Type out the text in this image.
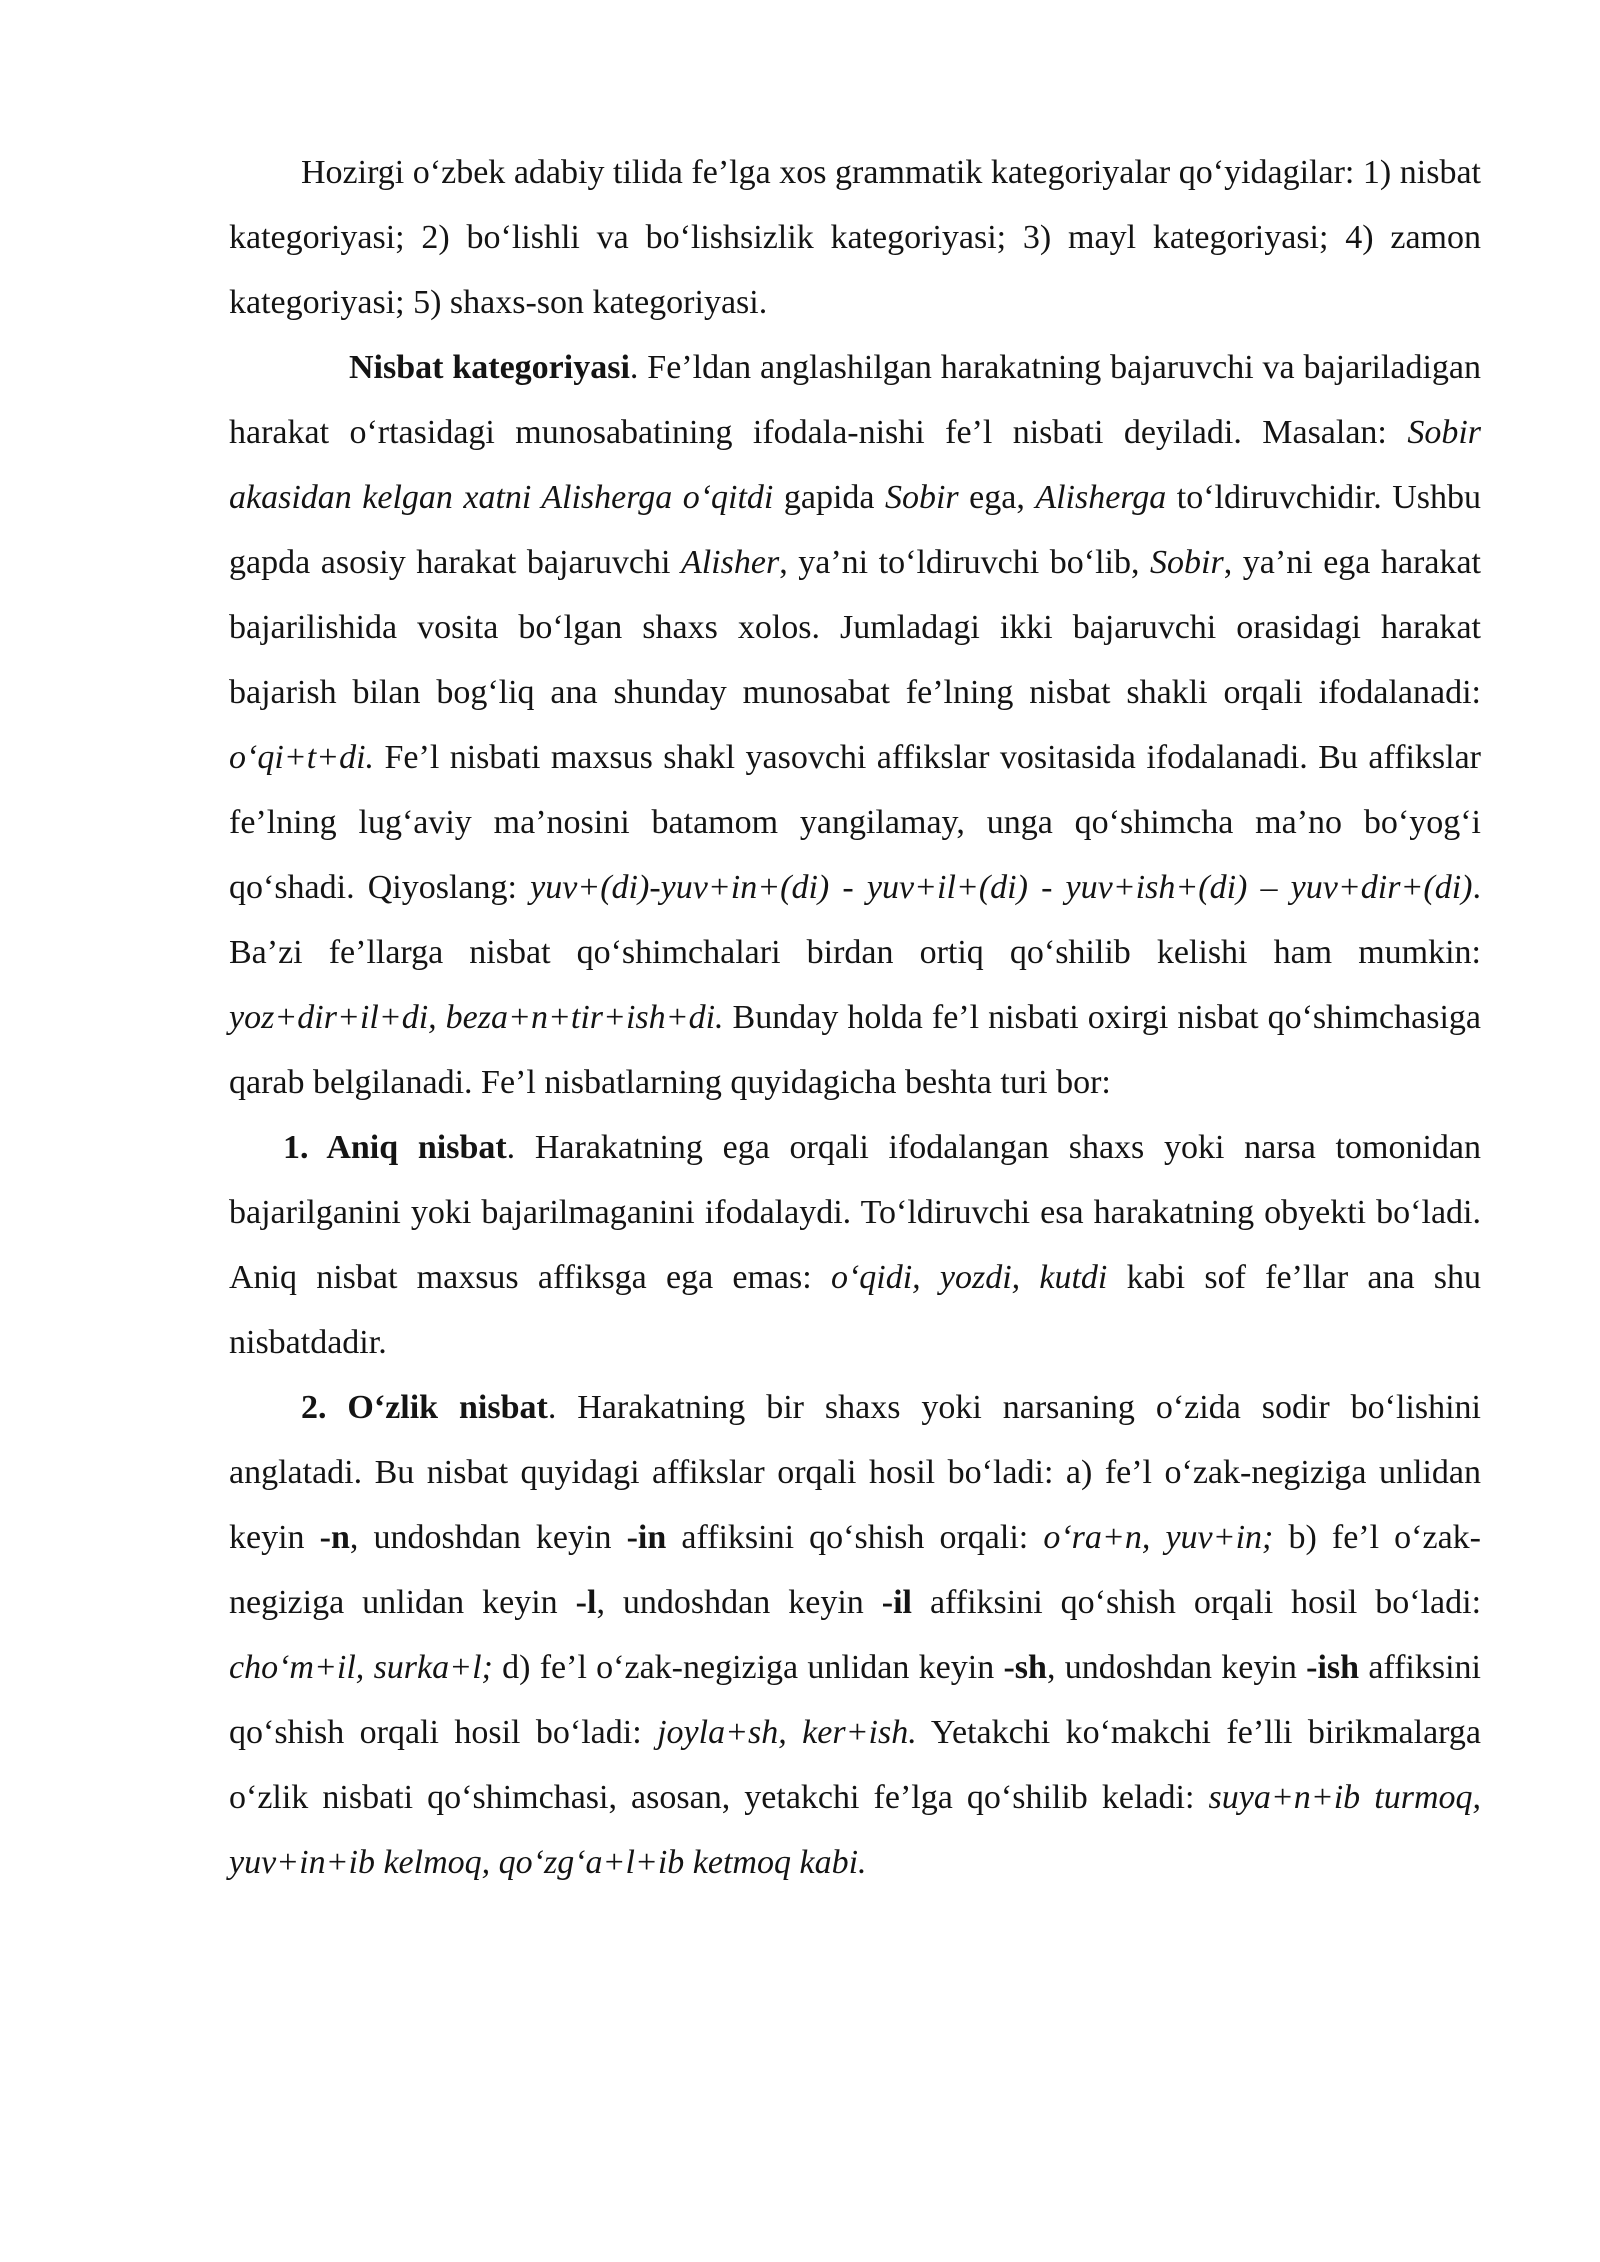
Hozirgi o‘zbek adabiy tilida fe’lga xos grammatik kategoriyalar qo‘yidagilar: 1) nisbat kategoriyasi; 2) bo‘lishli va bo‘lishsizlik kategoriyasi; 3) mayl kategoriyasi; 4) zamon kategoriyasi; 5) shaxs-son kategoriyasi.

Nisbat kategoriyasi. Fe’ldan anglashilgan harakatning bajaruvchi va bajariladigan harakat o‘rtasidagi munosabatining ifodala-nishi fe’l nisbati deyiladi. Masalan: Sobir akasidan kelgan xatni Alisherga o‘qitdi gapida Sobir ega, Alisherga to‘ldiruvchidir. Ushbu gapda asosiy harakat bajaruvchi Alisher, ya’ni to‘ldiruvchi bo‘lib, Sobir, ya’ni ega harakat bajarilishida vosita bo‘lgan shaxs xolos. Jumladagi ikki bajaruvchi orasidagi harakat bajarish bilan bog‘liq ana shunday munosabat fe’lning nisbat shakli orqali ifodalanadi: o‘qi+t+di. Fe’l nisbati maxsus shakl yasovchi affikslar vositasida ifodalanadi. Bu affikslar fe’lning lug‘aviy ma’nosini batamom yangilamay, unga qo‘shimcha ma’no bo‘yog‘i qo‘shadi. Qiyoslang: yuv+(di)-yuv+in+(di) - yuv+il+(di) - yuv+ish+(di) – yuv+dir+(di). Ba’zi fe’llarga nisbat qo‘shimchalari birdan ortiq qo‘shilib kelishi ham mumkin: yoz+dir+il+di, beza+n+tir+ish+di. Bunday holda fe’l nisbati oxirgi nisbat qo‘shimchasiga qarab belgilanadi. Fe’l nisbatlarning quyidagicha beshta turi bor:

1. Aniq nisbat. Harakatning ega orqali ifodalangan shaxs yoki narsa tomonidan bajarilganini yoki bajarilmaganini ifodalaydi. To‘ldiruvchi esa harakatning obyekti bo‘ladi. Aniq nisbat maxsus affiksga ega emas: o‘qidi, yozdi, kutdi kabi sof fe’llar ana shu nisbatdadir.

2. O‘zlik nisbat. Harakatning bir shaxs yoki narsaning o‘zida sodir bo‘lishini anglatadi. Bu nisbat quyidagi affikslar orqali hosil bo‘ladi: a) fe’l o‘zak-negiziga unlidan keyin -n, undoshdan keyin -in affiksini qo‘shish orqali: o‘ra+n, yuv+in; b) fe’l o‘zak-negiziga unlidan keyin -l, undoshdan keyin -il affiksini qo‘shish orqali hosil bo‘ladi: cho‘m+il, surka+l; d) fe’l o‘zak-negiziga unlidan keyin -sh, undoshdan keyin -ish affiksini qo‘shish orqali hosil bo‘ladi: joyla+sh, ker+ish. Yetakchi ko‘makchi fe’lli birikmalarga o‘zlik nisbati qo‘shimchasi, asosan, yetakchi fe’lga qo‘shilib keladi: suya+n+ib turmoq, yuv+in+ib kelmoq, qo‘zg‘a+l+ib ketmoq kabi.
